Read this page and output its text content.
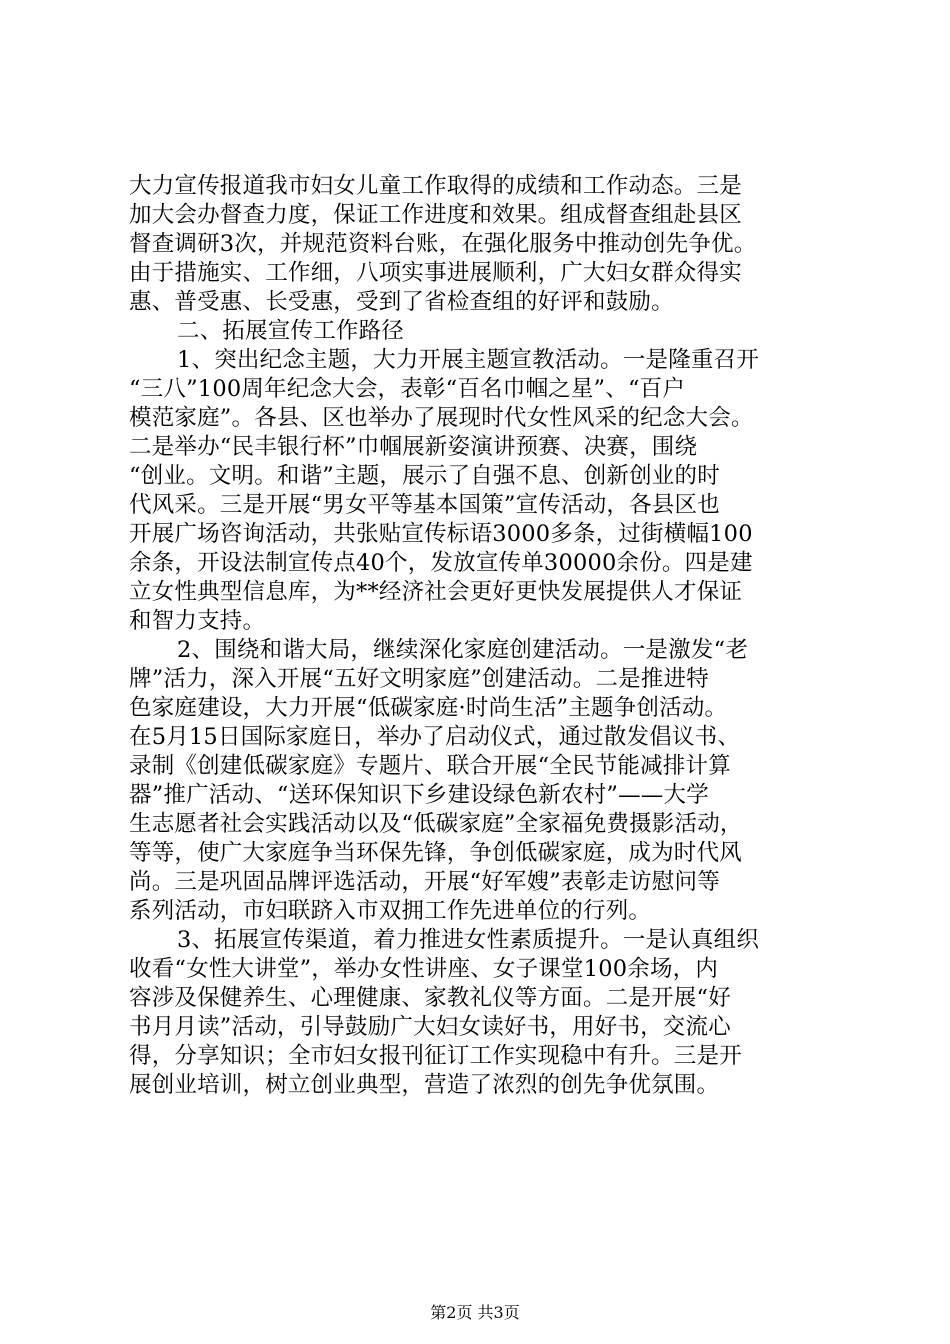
大力宣传报道我市妇女儿童工作取得的成绩和工作动态。三是
加大会办督查力度，保证工作进度和效果。组成督查组赴县区
督查调研3次，并规范资料台账，在强化服务中推动创先争优。
由于措施实、工作细，八项实事进展顺利，广大妇女群众得实
惠、普受惠、长受惠，受到了省检查组的好评和鼓励。
二、拓展宣传工作路径
1、突出纪念主题，大力开展主题宣教活动。一是隆重召开
“三八”100周年纪念大会，表彰“百名巾帼之星”、“百户
模范家庭”。各县、区也举办了展现时代女性风采的纪念大会。
二是举办“民丰银行杯”巾帼展新姿演讲预赛、决赛，围绕
“创业。文明。和谐”主题，展示了自强不息、创新创业的时
代风采。三是开展“男女平等基本国策”宣传活动，各县区也
开展广场咨询活动，共张贴宣传标语3000多条，过街横幅100
余条，开设法制宣传点40个，发放宣传单30000余份。四是建
立女性典型信息库，为**经济社会更好更快发展提供人才保证
和智力支持。
2、围绕和谐大局，继续深化家庭创建活动。一是激发“老
牌”活力，深入开展“五好文明家庭”创建活动。二是推进特
色家庭建设，大力开展“低碳家庭·时尚生活”主题争创活动。
在5月15日国际家庭日，举办了启动仪式，通过散发倡议书、
录制《创建低碳家庭》专题片、联合开展“全民节能减排计算
器”推广活动、“送环保知识下乡建设绿色新农村”——大学
生志愿者社会实践活动以及“低碳家庭”全家福免费摄影活动，
等等，使广大家庭争当环保先锋，争创低碳家庭，成为时代风
尚。三是巩固品牌评选活动，开展“好军嫂”表彰走访慰问等
系列活动，市妇联跻入市双拥工作先进单位的行列。
3、拓展宣传渠道，着力推进女性素质提升。一是认真组织
收看“女性大讲堂”，举办女性讲座、女子课堂100余场，内
容涉及保健养生、心理健康、家教礼仪等方面。二是开展“好
书月月读”活动，引导鼓励广大妇女读好书，用好书，交流心
得，分享知识；全市妇女报刊征订工作实现稳中有升。三是开
展创业培训，树立创业典型，营造了浓烈的创先争优氛围。
第2页 共3页
